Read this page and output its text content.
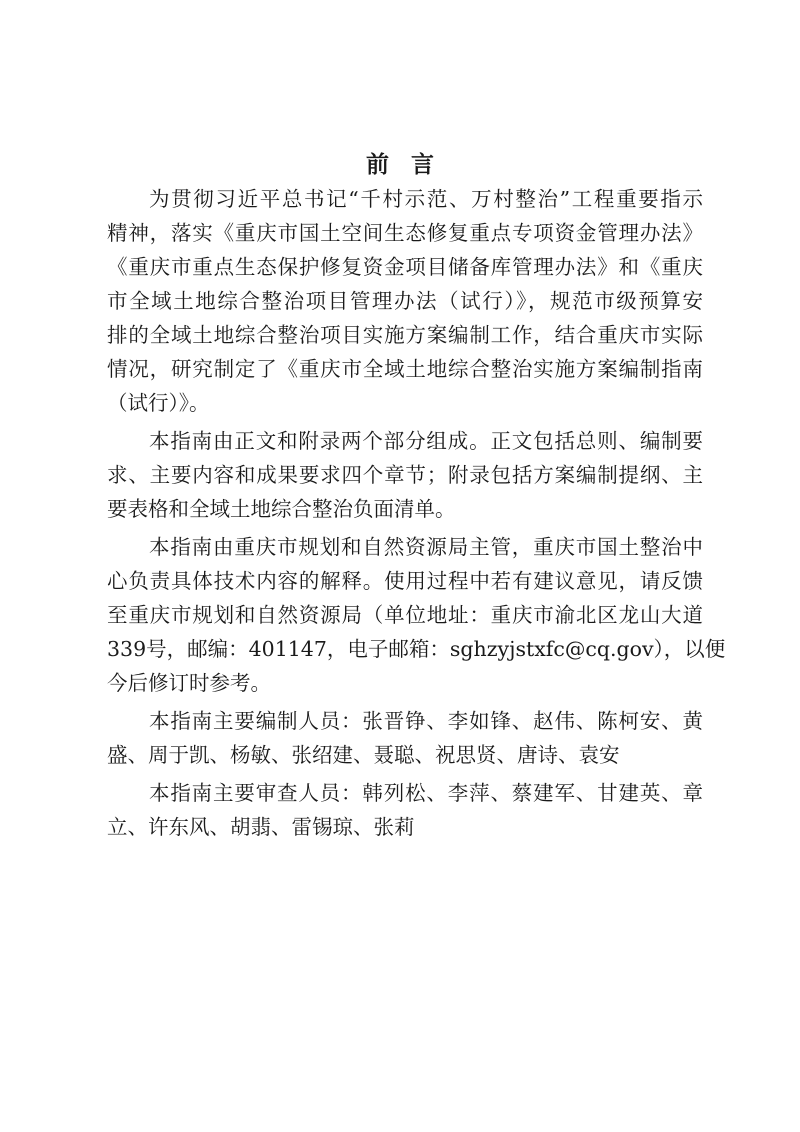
前言
为贯彻习近平总书记“千村示范、万村整治”工程重要指示
精神，落实《重庆市国土空间生态修复重点专项资金管理办法》
《重庆市重点生态保护修复资金项目储备库管理办法》和《重庆
市全域土地综合整治项目管理办法（试行）》，规范市级预算安
排的全域土地综合整治项目实施方案编制工作，结合重庆市实际
情况，研究制定了《重庆市全域土地综合整治实施方案编制指南
（试行）》。
本指南由正文和附录两个部分组成。正文包括总则、编制要
求、主要内容和成果要求四个章节；附录包括方案编制提纲、主
要表格和全域土地综合整治负面清单。
本指南由重庆市规划和自然资源局主管，重庆市国土整治中
心负责具体技术内容的解释。使用过程中若有建议意见，请反馈
至重庆市规划和自然资源局（单位地址：重庆市渝北区龙山大道
339号，邮编：401147，电子邮箱：sghzyjstxfc@cq.gov），以便
今后修订时参考。
本指南主要编制人员：张晋铮、李如锋、赵伟、陈柯安、黄
盛、周于凯、杨敏、张绍建、聂聪、祝思贤、唐诗、袁安
本指南主要审查人员：韩列松、李萍、蔡建军、甘建英、章
立、许东风、胡翡、雷锡琼、张莉
